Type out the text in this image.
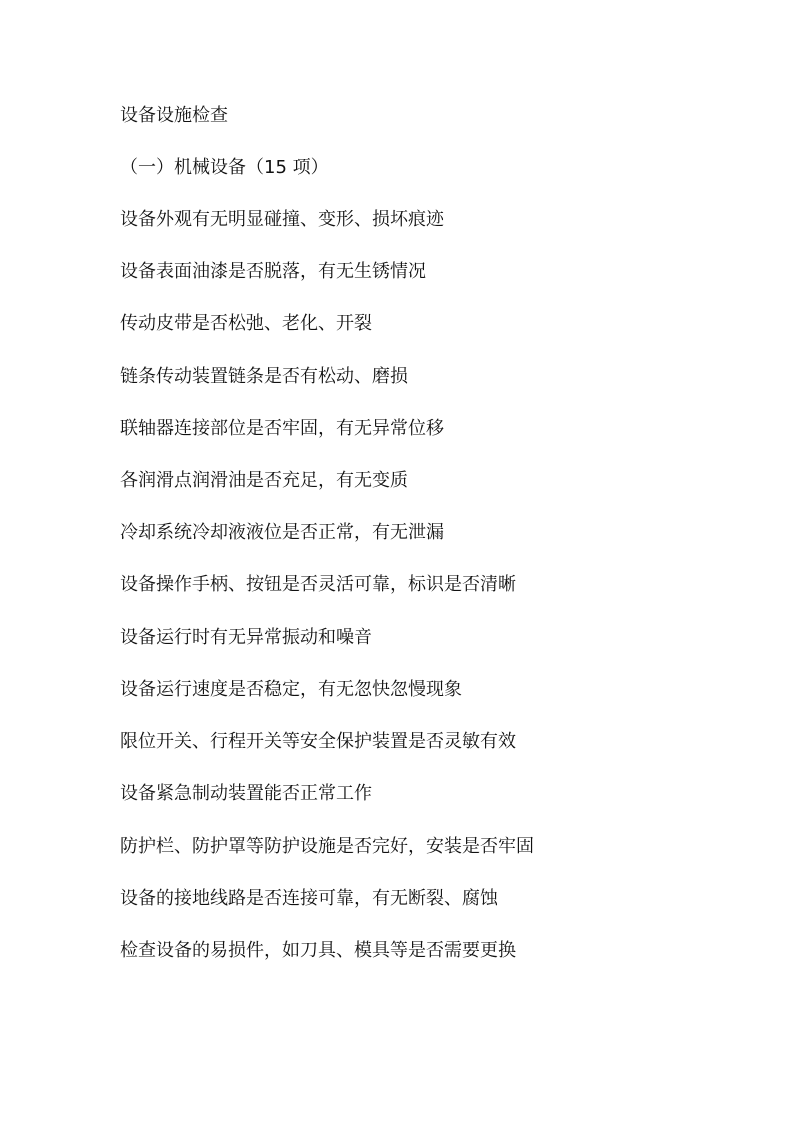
设备设施检查
（一）机械设备（15 项）
设备外观有无明显碰撞、变形、损坏痕迹
设备表面油漆是否脱落，有无生锈情况
传动皮带是否松弛、老化、开裂
链条传动装置链条是否有松动、磨损
联轴器连接部位是否牢固，有无异常位移
各润滑点润滑油是否充足，有无变质
冷却系统冷却液液位是否正常，有无泄漏
设备操作手柄、按钮是否灵活可靠，标识是否清晰
设备运行时有无异常振动和噪音
设备运行速度是否稳定，有无忽快忽慢现象
限位开关、行程开关等安全保护装置是否灵敏有效
设备紧急制动装置能否正常工作
防护栏、防护罩等防护设施是否完好，安装是否牢固
设备的接地线路是否连接可靠，有无断裂、腐蚀
检查设备的易损件，如刀具、模具等是否需要更换
